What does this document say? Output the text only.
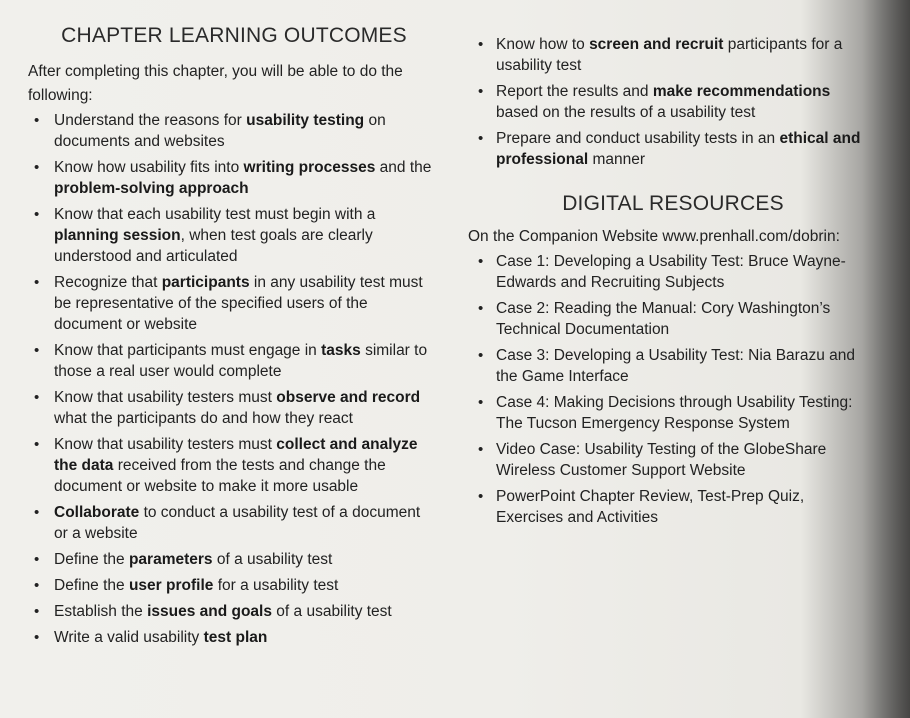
CHAPTER LEARNING OUTCOMES

After completing this chapter, you will be able to do the following:

• Understand the reasons for usability testing on documents and websites
• Know how usability fits into writing processes and the problem-solving approach
• Know that each usability test must begin with a planning session, when test goals are clearly understood and articulated
• Recognize that participants in any usability test must be representative of the specified users of the document or website
• Know that participants must engage in tasks similar to those a real user would complete
• Know that usability testers must observe and record what the participants do and how they react
• Know that usability testers must collect and analyze the data received from the tests and change the document or website to make it more usable
• Collaborate to conduct a usability test of a document or a website
• Define the parameters of a usability test
• Define the user profile for a usability test
• Establish the issues and goals of a usability test
• Write a valid usability test plan
• Know how to screen and recruit participants for a usability test
• Report the results and make recommendations based on the results of a usability test
• Prepare and conduct usability tests in an ethical and professional manner
DIGITAL RESOURCES

On the Companion Website www.prenhall.com/dobrin:

• Case 1: Developing a Usability Test: Bruce Wayne-Edwards and Recruiting Subjects
• Case 2: Reading the Manual: Cory Washington’s Technical Documentation
• Case 3: Developing a Usability Test: Nia Barazu and the Game Interface
• Case 4: Making Decisions through Usability Testing: The Tucson Emergency Response System
• Video Case: Usability Testing of the GlobeShare Wireless Customer Support Website
• PowerPoint Chapter Review, Test-Prep Quiz, Exercises and Activities
